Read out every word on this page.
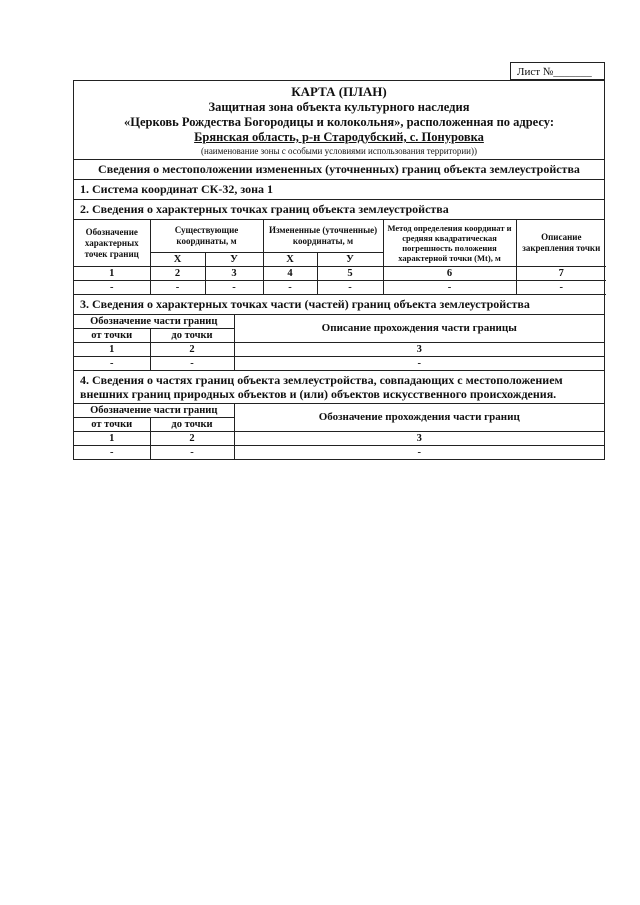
Лист №_______
КАРТА (ПЛАН)
Защитная зона объекта культурного наследия
«Церковь Рождества Богородицы и колокольня», расположенная по адресу:
Брянская область, р-н Стародубский, с. Понуровка
(наименование зоны с особыми условиями использования территории))
Сведения о местоположении измененных (уточненных) границ объекта землеустройства
1. Система координат СК-32, зона 1
2. Сведения о характерных точках границ объекта землеустройства
Обозначение характерных точек границ	Существующие координаты, м		Измененные (уточненные) координаты, м		Метод определения координат и средняя квадратическая погрешность положения характерной точки (Mt), м	Описание закрепления точки
	Х	У	Х	У		
1	2	3	4	5	6	7
-	-	-	-	-	-	-
3. Сведения о характерных точках части (частей) границ объекта землеустройства
Обозначение части границ		Описание прохождения части границы
от точки	до точки	
1	2	3
-	-	-
4. Сведения о частях границ объекта землеустройства, совпадающих с местоположением внешних границ природных объектов и (или) объектов искусственного происхождения.
Обозначение части границ		Обозначение прохождения части границ
от точки	до точки	
1	2	3
-	-	-
